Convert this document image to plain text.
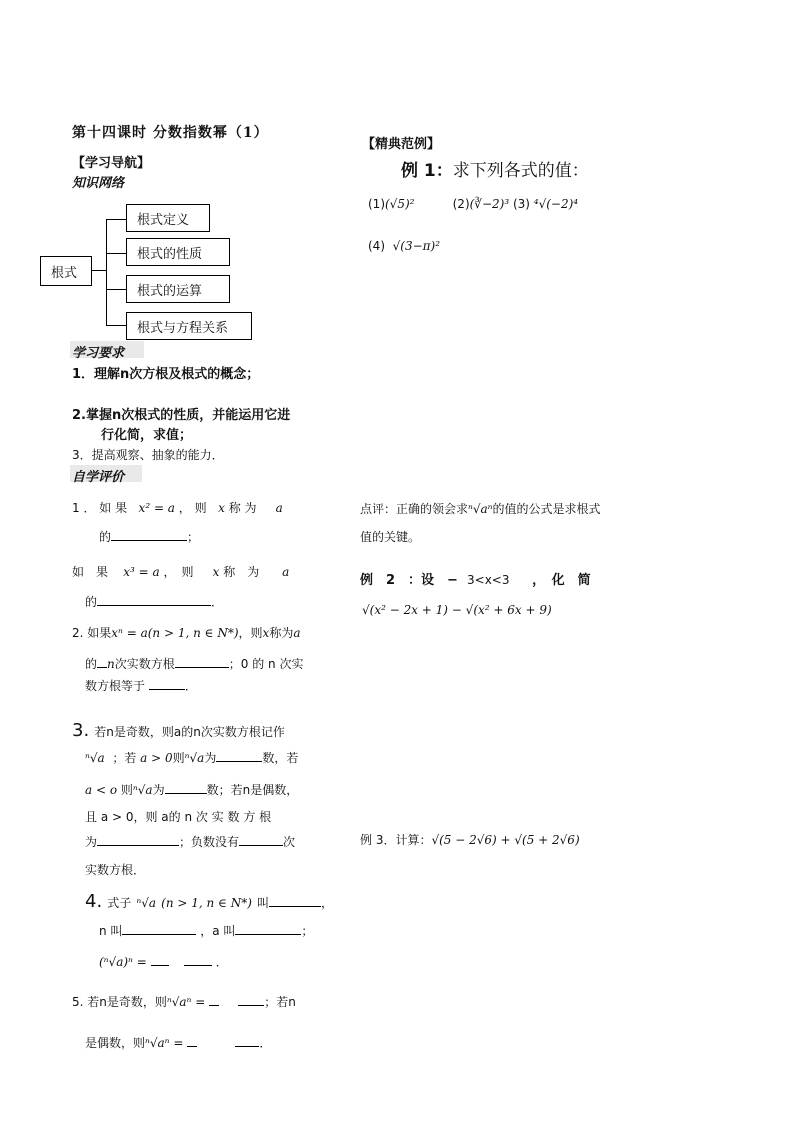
第十四课时 分数指数幂（1）
【学习导航】
知识网络
根式
根式定义
根式的性质
根式的运算
根式与方程关系
学习要求
1．理解n次方根及根式的概念；
2.掌握n次根式的性质，并能运用它进
行化简，求值；
3．提高观察、抽象的能力．
自学评价
1 ． 如 果 x² = a ， 则 x 称 为 a
的	；
如　果 x³ = a ，　则 x 称　为 a
的	．
2. 如果xⁿ = a(n > 1, n ∈ N*)，则x称为a
的 n次实数方根	；0 的 n 次实
数方根等于	．
3. 若n是奇数，则a的n次实数方根记作
ⁿ√a ；若 a > 0则ⁿ√a为	数，若
a < o 则ⁿ√a为	数；若n是偶数，
且 a > 0，则 a的 n 次 实 数 方 根
为	；负数没有	次
实数方根．
4. 式子 ⁿ√a (n > 1, n ∈ N*) 叫	，
n 叫	，a 叫	；
(ⁿ√a)ⁿ =	．
5. 若n是奇数，则ⁿ√aⁿ =	；若n
是偶数，则ⁿ√aⁿ =	．
【精典范例】
例 1：求下列各式的值：
(1)(√5)²	(2)(∛−2)³ (3) ⁴√(−2)⁴
(4) √(3−π)²
点评：正确的领会求ⁿ√aⁿ的值的公式是求根式
值的关键。
例　2　：设　− 3<x<3 ，　化　简
√(x² − 2x + 1) − √(x² + 6x + 9)
例 3．计算：√(5 − 2√6) + √(5 + 2√6)
